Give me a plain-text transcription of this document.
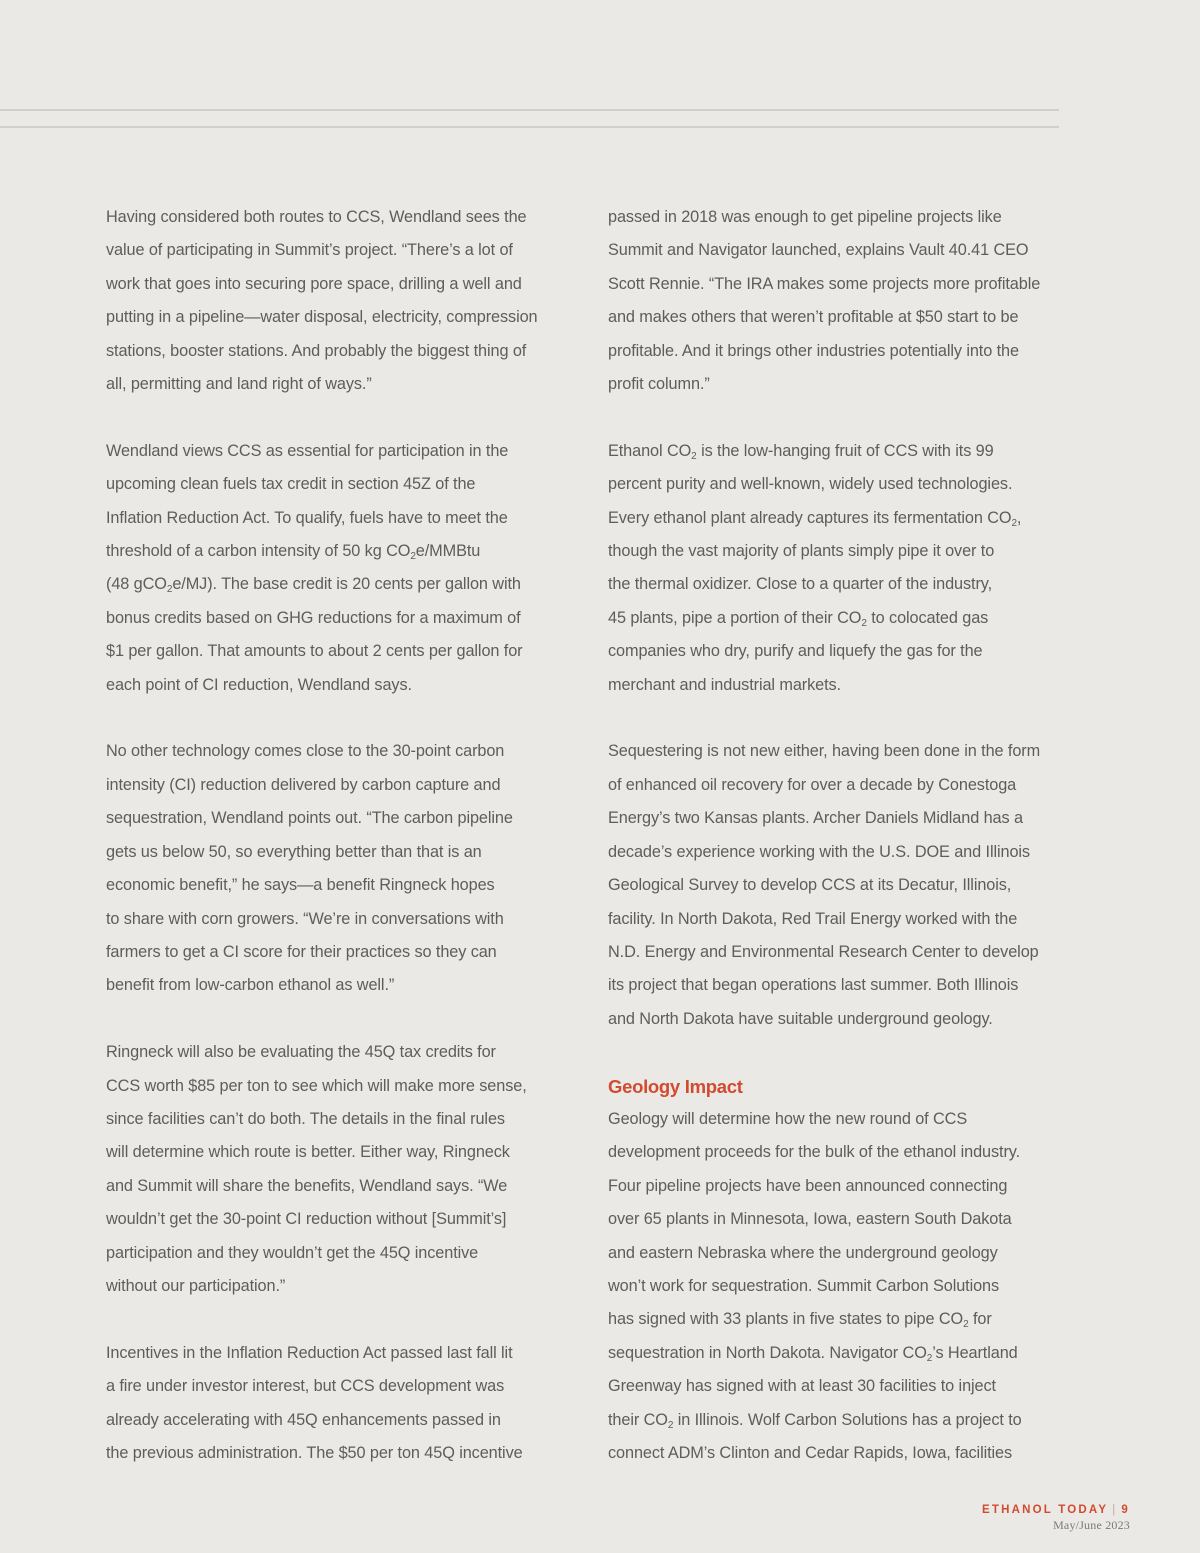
Having considered both routes to CCS, Wendland sees the
value of participating in Summit’s project. “There’s a lot of
work that goes into securing pore space, drilling a well and
putting in a pipeline—water disposal, electricity, compression
stations, booster stations. And probably the biggest thing of
all, permitting and land right of ways.”

Wendland views CCS as essential for participation in the
upcoming clean fuels tax credit in section 45Z of the
Inflation Reduction Act. To qualify, fuels have to meet the
threshold of a carbon intensity of 50 kg $CO_2e$/MMBtu
(48 gCO$_2$e/MJ). The base credit is 20 cents per gallon with
bonus credits based on GHG reductions for a maximum of
$1 per gallon. That amounts to about 2 cents per gallon for
each point of CI reduction, Wendland says.

No other technology comes close to the 30-point carbon
intensity (CI) reduction delivered by carbon capture and
sequestration, Wendland points out. “The carbon pipeline
gets us below 50, so everything better than that is an
economic benefit,” he says—a benefit Ringneck hopes
to share with corn growers. “We’re in conversations with
farmers to get a CI score for their practices so they can
benefit from low-carbon ethanol as well.”

Ringneck will also be evaluating the 45Q tax credits for
CCS worth $85 per ton to see which will make more sense,
since facilities can’t do both. The details in the final rules
will determine which route is better. Either way, Ringneck
and Summit will share the benefits, Wendland says. “We
wouldn’t get the 30-point CI reduction without [Summit’s]
participation and they wouldn’t get the 45Q incentive
without our participation.”

Incentives in the Inflation Reduction Act passed last fall lit
a fire under investor interest, but CCS development was
already accelerating with 45Q enhancements passed in
the previous administration. The $50 per ton 45Q incentive

passed in 2018 was enough to get pipeline projects like
Summit and Navigator launched, explains Vault 40.41 CEO
Scott Rennie. “The IRA makes some projects more profitable
and makes others that weren’t profitable at $50 start to be
profitable. And it brings other industries potentially into the
profit column.”

Ethanol $CO_2$ is the low-hanging fruit of CCS with its 99
percent purity and well-known, widely used technologies.
Every ethanol plant already captures its fermentation $CO_2$,
though the vast majority of plants simply pipe it over to
the thermal oxidizer. Close to a quarter of the industry,
45 plants, pipe a portion of their $CO_2$ to colocated gas
companies who dry, purify and liquefy the gas for the
merchant and industrial markets.

Sequestering is not new either, having been done in the form
of enhanced oil recovery for over a decade by Conestoga
Energy’s two Kansas plants. Archer Daniels Midland has a
decade’s experience working with the U.S. DOE and Illinois
Geological Survey to develop CCS at its Decatur, Illinois,
facility. In North Dakota, Red Trail Energy worked with the
N.D. Energy and Environmental Research Center to develop
its project that began operations last summer. Both Illinois
and North Dakota have suitable underground geology.

Geology Impact

Geology will determine how the new round of CCS
development proceeds for the bulk of the ethanol industry.
Four pipeline projects have been announced connecting
over 65 plants in Minnesota, Iowa, eastern South Dakota
and eastern Nebraska where the underground geology
won’t work for sequestration. Summit Carbon Solutions
has signed with 33 plants in five states to pipe $CO_2$ for
sequestration in North Dakota. Navigator $CO_2’s$ Heartland
Greenway has signed with at least 30 facilities to inject
their $CO_2$ in Illinois. Wolf Carbon Solutions has a project to
connect ADM’s Clinton and Cedar Rapids, Iowa, facilities

ETHANOL TODAY | 9
May/June 2023
